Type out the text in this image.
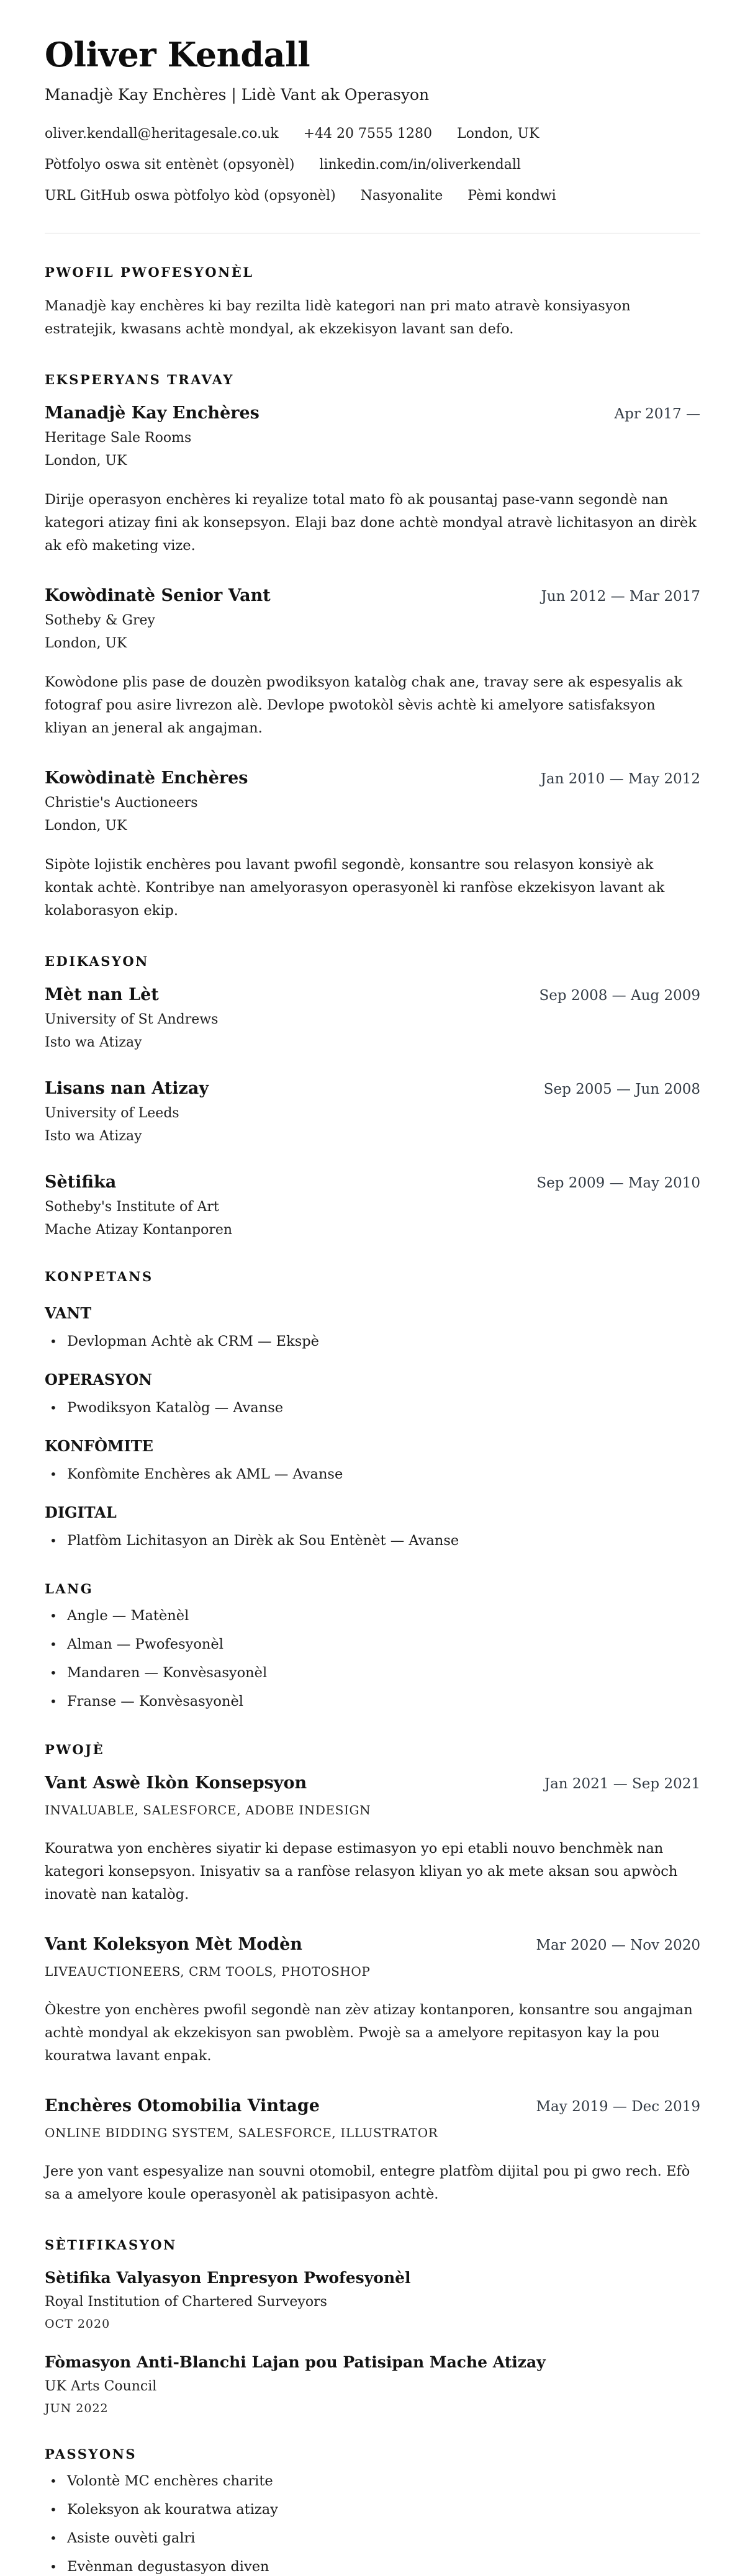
Oliver Kendall

Manadjè Kay Enchères | Lidè Vant ak Operasyon

oliver.kendall@heritagesale.co.uk +44 20 7555 1280 London, UK
Pòtfolyo oswa sit entènèt (opsyonèl) linkedin.com/in/oliverkendall
URL GitHub oswa pòtfolyo kòd (opsyonèl) Nasyonalite Pèmi kondwi
PWOFIL PWOFESYONÈL

Manadjè kay enchères ki bay rezilta lidè kategori nan pri mato atravè konsiyasyon estratejik, kwasans achtè mondyal, ak ekzekisyon lavant san defo.

EKSPERYANS TRAVAY
Manadjè Kay Enchères	Apr 2017 —
Heritage Sale Rooms
London, UK

Dirije operasyon enchères ki reyalize total mato fò ak pousantaj pase-vann segondè nan kategori atizay fini ak konsepsyon. Elaji baz done achtè mondyal atravè lichitasyon an dirèk ak efò maketing vize.

Kowòdinatè Senior Vant	Jun 2012 — Mar 2017
Sotheby & Grey
London, UK

Kowòdone plis pase de douzèn pwodiksyon katalòg chak ane, travay sere ak espesyalis ak fotograf pou asire livrezon alè. Devlope pwotokòl sèvis achtè ki amelyore satisfaksyon kliyan an jeneral ak angajman.

Kowòdinatè Enchères	Jan 2010 — May 2012
Christie's Auctioneers
London, UK

Sipòte lojistik enchères pou lavant pwofil segondè, konsantre sou relasyon konsiyè ak kontak achtè. Kontribye nan amelyorasyon operasyonèl ki ranfòse ekzekisyon lavant ak kolaborasyon ekip.

EDIKASYON
Mèt nan Lèt	Sep 2008 — Aug 2009
University of St Andrews
Isto wa Atizay
Lisans nan Atizay	Sep 2005 — Jun 2008
University of Leeds
Isto wa Atizay
Sètifika	Sep 2009 — May 2010
Sotheby's Institute of Art
Mache Atizay Kontanporen
KONPETANS
VANT
• Devlopman Achtè ak CRM — Ekspè
OPERASYON
• Pwodiksyon Katalòg — Avanse
KONFÒMITE
• Konfòmite Enchères ak AML — Avanse
DIGITAL
• Platfòm Lichitasyon an Dirèk ak Sou Entènèt — Avanse
LANG
• Angle — Matènèl
• Alman — Pwofesyonèl
• Mandaren — Konvèsasyonèl
• Franse — Konvèsasyonèl
PWOJÈ
Vant Aswè Ikòn Konsepsyon	Jan 2021 — Sep 2021
INVALUABLE, SALESFORCE, ADOBE INDESIGN

Kouratwa yon enchères siyatir ki depase estimasyon yo epi etabli nouvo benchmèk nan kategori konsepsyon. Inisyativ sa a ranfòse relasyon kliyan yo ak mete aksan sou apwòch inovatè nan katalòg.

Vant Koleksyon Mèt Modèn	Mar 2020 — Nov 2020
LIVEAUCTIONEERS, CRM TOOLS, PHOTOSHOP

Òkestre yon enchères pwofil segondè nan zèv atizay kontanporen, konsantre sou angajman achtè mondyal ak ekzekisyon san pwoblèm. Pwojè sa a amelyore repitasyon kay la pou kouratwa lavant enpak.

Enchères Otomobilia Vintage	May 2019 — Dec 2019
ONLINE BIDDING SYSTEM, SALESFORCE, ILLUSTRATOR

Jere yon vant espesyalize nan souvni otomobil, entegre platfòm dijital pou pi gwo rech. Efò sa a amelyore koule operasyonèl ak patisipasyon achtè.

SÈTIFIKASYON
Sètifika Valyasyon Enpresyon Pwofesyonèl
Royal Institution of Chartered Surveyors
OCT 2020
Fòmasyon Anti-Blanchi Lajan pou Patisipan Mache Atizay
UK Arts Council
JUN 2022
PASSYONS
• Volontè MC enchères charite
• Koleksyon ak kouratwa atizay
• Asiste ouvèti galri
• Evènman degustasyon diven
